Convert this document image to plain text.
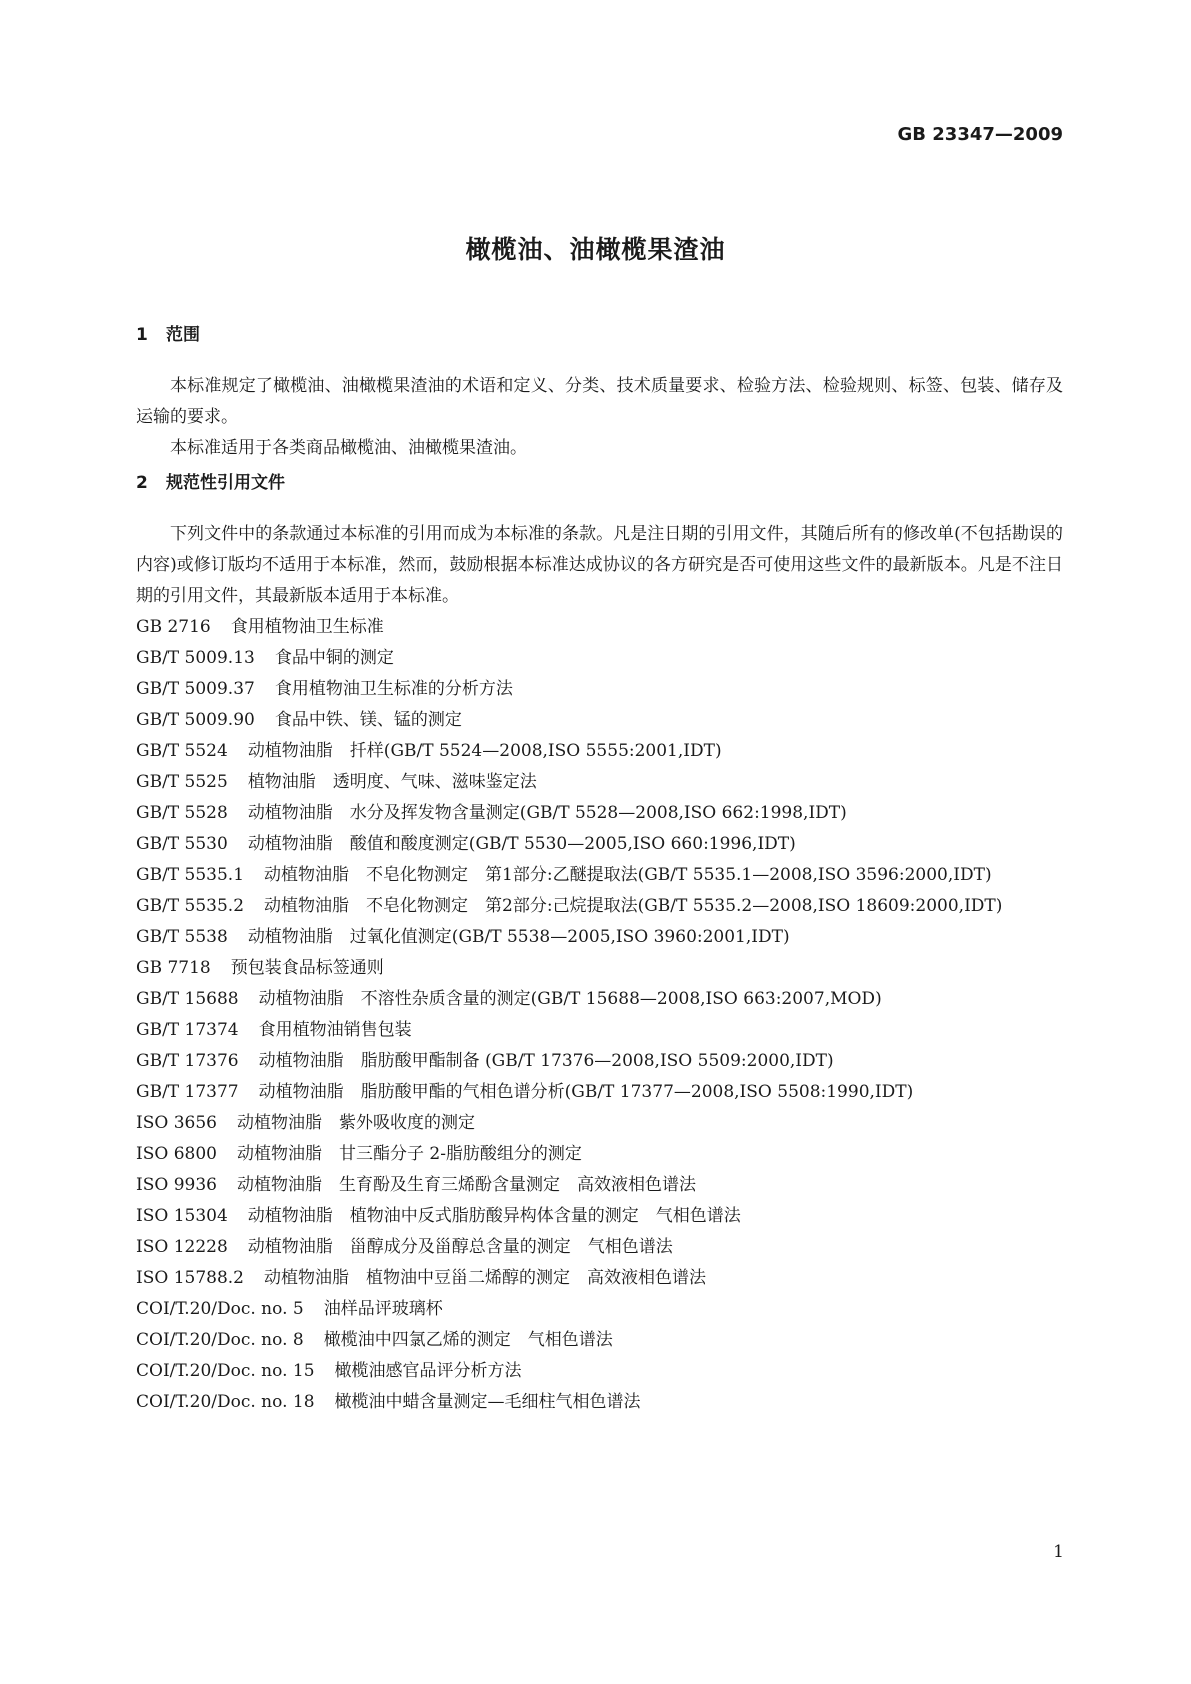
GB 23347—2009
橄榄油、油橄榄果渣油
1 范围

本标准规定了橄榄油、油橄榄果渣油的术语和定义、分类、技术质量要求、检验方法、检验规则、标签、包装、储存及运输的要求。

本标准适用于各类商品橄榄油、油橄榄果渣油。

2 规范性引用文件

下列文件中的条款通过本标准的引用而成为本标准的条款。凡是注日期的引用文件，其随后所有的修改单(不包括勘误的内容)或修订版均不适用于本标准，然而，鼓励根据本标准达成协议的各方研究是否可使用这些文件的最新版本。凡是不注日期的引用文件，其最新版本适用于本标准。

GB 2716 食用植物油卫生标准

GB/T 5009.13 食品中铜的测定

GB/T 5009.37 食用植物油卫生标准的分析方法

GB/T 5009.90 食品中铁、镁、锰的测定

GB/T 5524 动植物油脂　扦样(GB/T 5524—2008,ISO 5555:2001,IDT)

GB/T 5525 植物油脂　透明度、气味、滋味鉴定法

GB/T 5528 动植物油脂　水分及挥发物含量测定(GB/T 5528—2008,ISO 662:1998,IDT)

GB/T 5530 动植物油脂　酸值和酸度测定(GB/T 5530—2005,ISO 660:1996,IDT)

GB/T 5535.1 动植物油脂　不皂化物测定　第1部分:乙醚提取法(GB/T 5535.1—2008,ISO 3596:2000,IDT)

GB/T 5535.2 动植物油脂　不皂化物测定　第2部分:己烷提取法(GB/T 5535.2—2008,ISO 18609:2000,IDT)

GB/T 5538 动植物油脂　过氧化值测定(GB/T 5538—2005,ISO 3960:2001,IDT)

GB 7718 预包装食品标签通则

GB/T 15688 动植物油脂　不溶性杂质含量的测定(GB/T 15688—2008,ISO 663:2007,MOD)

GB/T 17374 食用植物油销售包装

GB/T 17376 动植物油脂　脂肪酸甲酯制备 (GB/T 17376—2008,ISO 5509:2000,IDT)

GB/T 17377 动植物油脂　脂肪酸甲酯的气相色谱分析(GB/T 17377—2008,ISO 5508:1990,IDT)

ISO 3656 动植物油脂　紫外吸收度的测定

ISO 6800 动植物油脂　甘三酯分子 2-脂肪酸组分的测定

ISO 9936 动植物油脂　生育酚及生育三烯酚含量测定　高效液相色谱法

ISO 15304 动植物油脂　植物油中反式脂肪酸异构体含量的测定　气相色谱法

ISO 12228 动植物油脂　甾醇成分及甾醇总含量的测定　气相色谱法

ISO 15788.2 动植物油脂　植物油中豆甾二烯醇的测定　高效液相色谱法

COI/T.20/Doc. no. 5 油样品评玻璃杯

COI/T.20/Doc. no. 8 橄榄油中四氯乙烯的测定　气相色谱法

COI/T.20/Doc. no. 15 橄榄油感官品评分析方法

COI/T.20/Doc. no. 18 橄榄油中蜡含量测定—毛细柱气相色谱法

1
